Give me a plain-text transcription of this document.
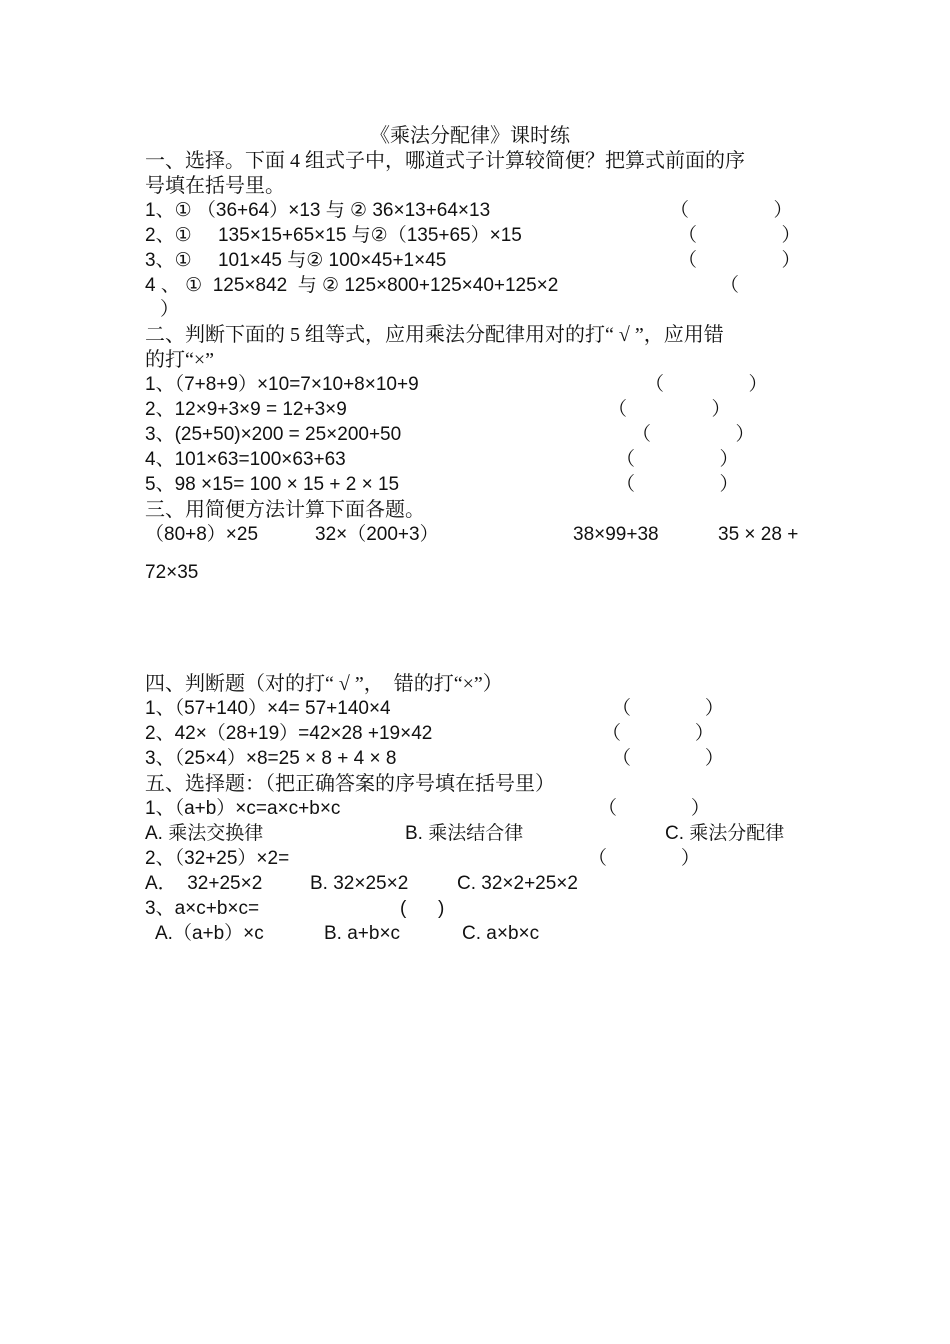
《乘法分配律》课时练
一、选择。下面 4 组式子中，哪道式子计算较简便？把算式前面的序
号填在括号里。
1、① （36+64）×13 与 ② 36×13+64×13	（                ）
2、①     135×15+65×15 与②（135+65）×15	（                ）
3、①     101×45 与② 100×45+1×45	（                ）
4 、 ①  125×842  与 ② 125×800+125×40+125×2	（
）
二、判断下面的 5 组等式，应用乘法分配律用对的打“ √ ”，应用错
的打“×”
1、（7+8+9）×10=7×10+8×10+9	（                ）
2、12×9+3×9 = 12+3×9	（                ）
3、(25+50)×200 = 25×200+50	（                ）
4、101×63=100×63+63	（                ）
5、98 ×15= 100 × 15 + 2 × 15	（                ）
三、用简便方法计算下面各题。
（80+8）×25	32×（200+3）	38×99+38	35 × 28 +
72×35
四、判断题（对的打“ √ ”，  错的打“×”）
1、（57+140）×4= 57+140×4	（              ）
2、42×（28+19）=42×28 +19×42	（              ）
3、（25×4）×8=25 × 8 + 4 × 8	（              ）
五、选择题：（把正确答案的序号填在括号里）
1、（a+b）×c=a×c+b×c	（              ）
A. 乘法交换律	B. 乘法结合律	C. 乘法分配律
2、（32+25）×2=	（              ）
A．  32+25×2	B. 32×25×2	C. 32×2+25×2
3、a×c+b×c=	(      )
A.（a+b）×c	B. a+b×c	C. a×b×c
